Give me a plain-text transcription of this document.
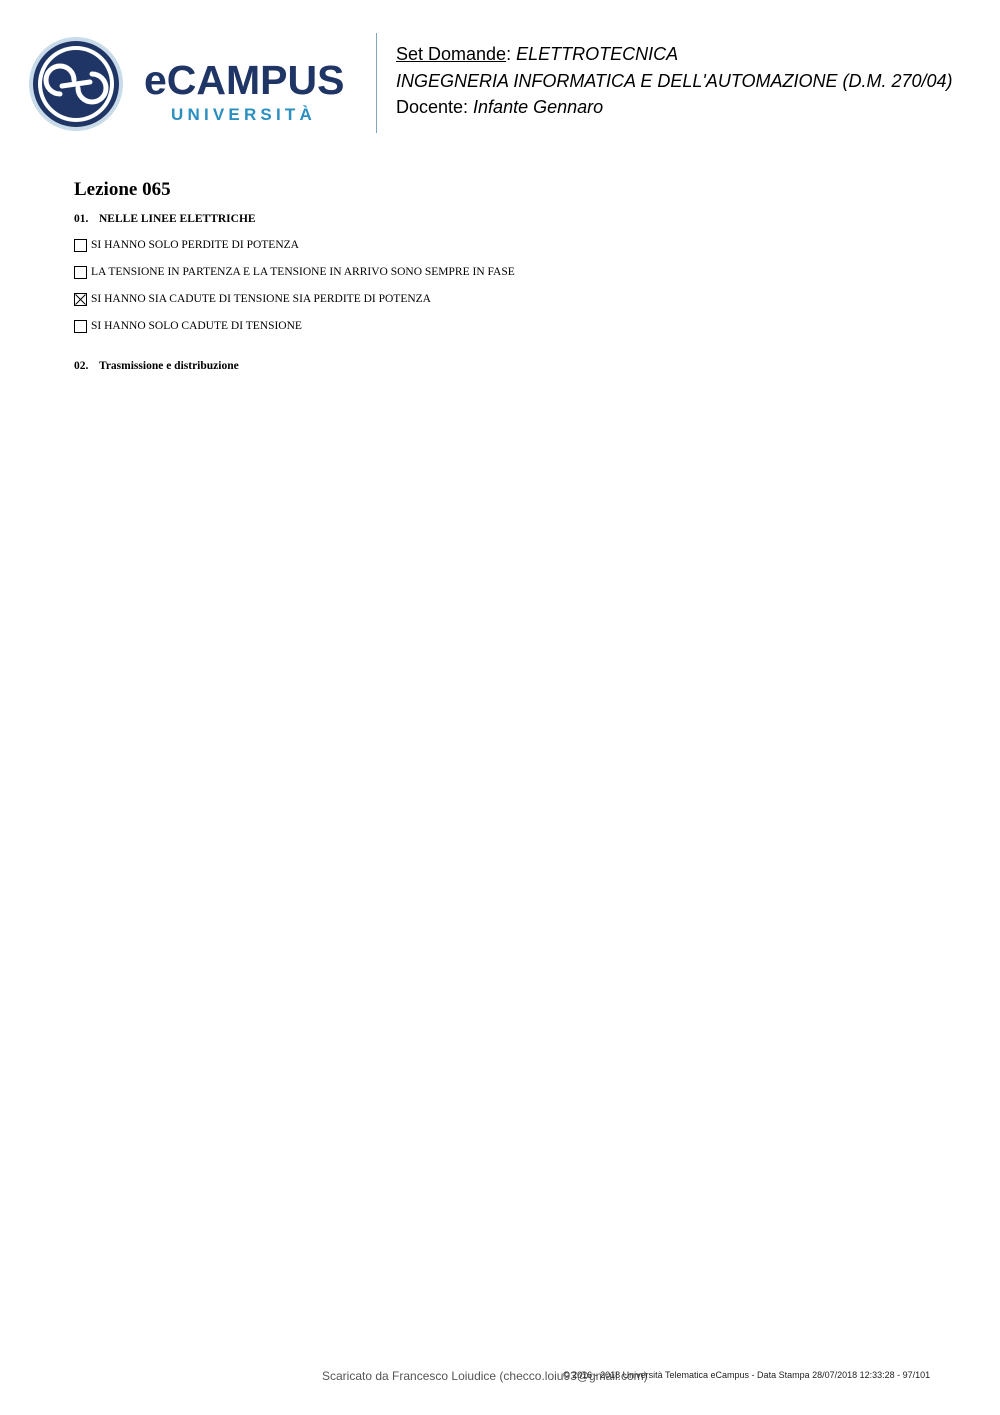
eCAMPUS
UNIVERSITÀ
Set Domande: ELETTROTECNICA
INGEGNERIA INFORMATICA E DELL'AUTOMAZIONE (D.M. 270/04)
Docente: Infante Gennaro
Lezione 065
01. NELLE LINEE ELETTRICHE
SI HANNO SOLO PERDITE DI POTENZA
LA TENSIONE IN PARTENZA E LA TENSIONE IN ARRIVO SONO SEMPRE IN FASE
SI HANNO SIA CADUTE DI TENSIONE SIA PERDITE DI POTENZA
SI HANNO SOLO CADUTE DI TENSIONE
02. Trasmissione e distribuzione
Scaricato da Francesco Loiudice (checco.loiu93@gmail.com)
© 2016 - 2018 Università Telematica eCampus - Data Stampa 28/07/2018 12:33:28 - 97/101
